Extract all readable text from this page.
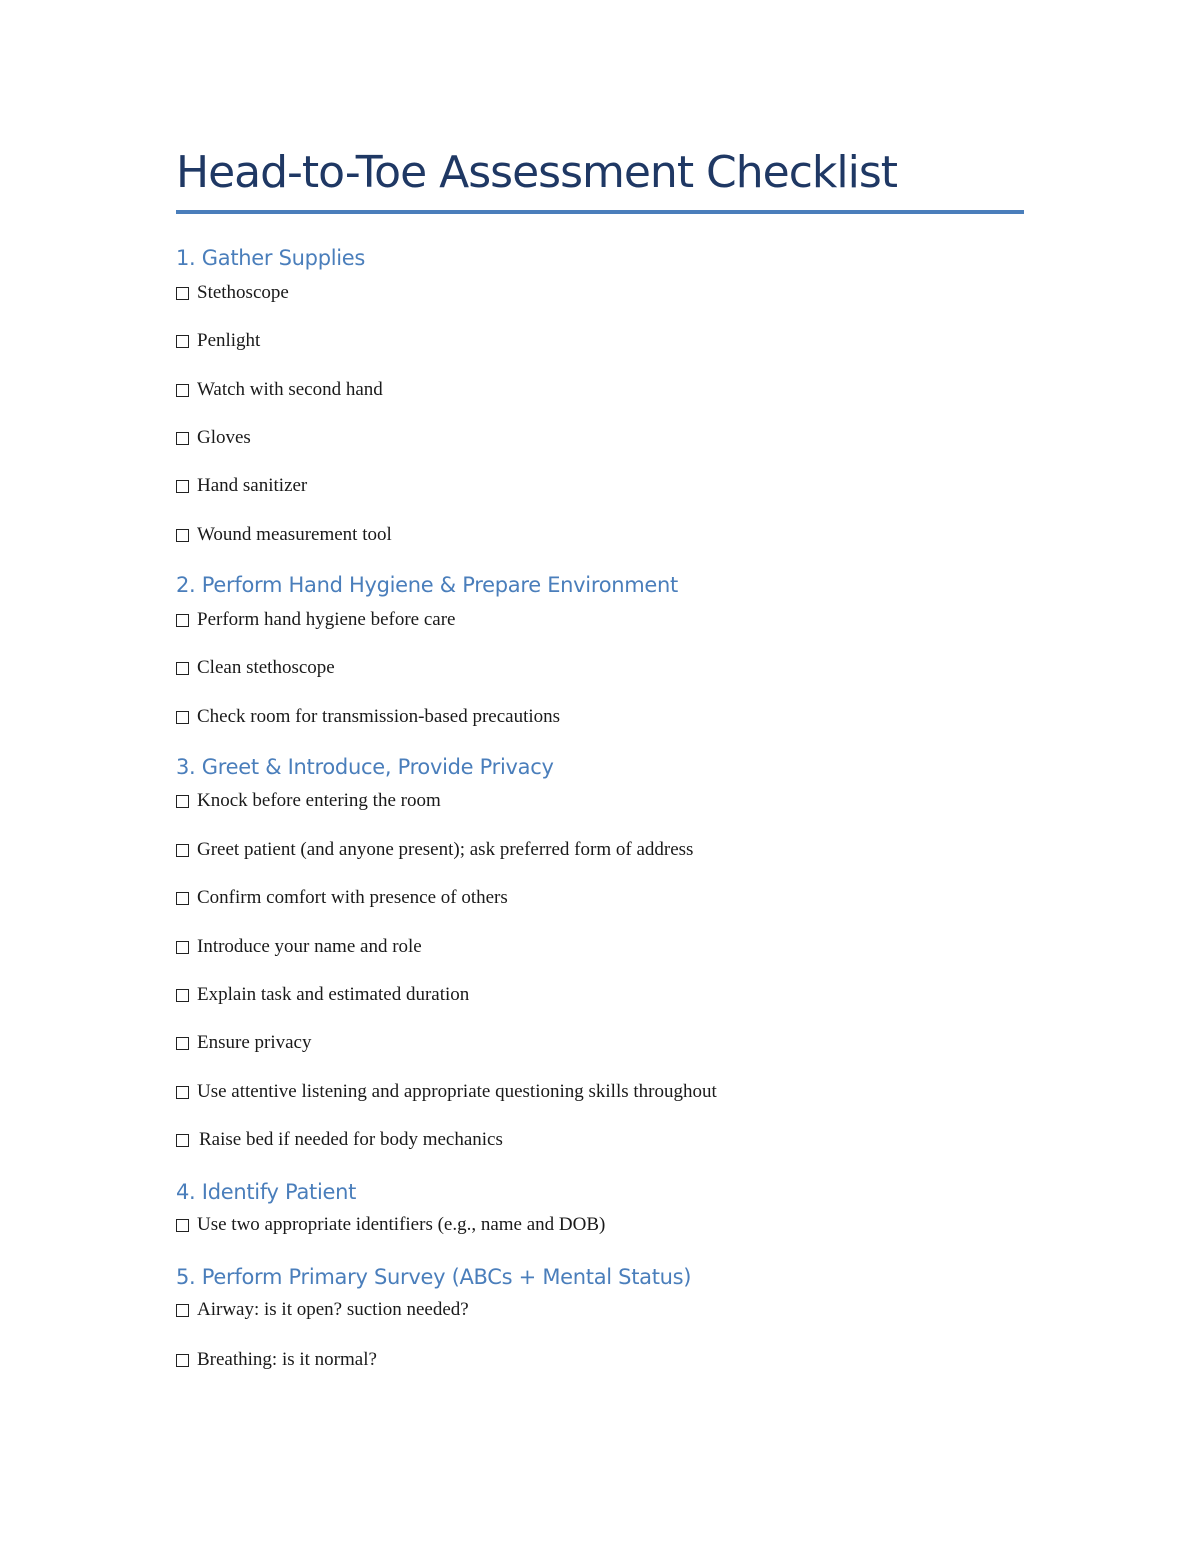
Head-to-Toe Assessment Checklist
1. Gather Supplies
Stethoscope
Penlight
Watch with second hand
Gloves
Hand sanitizer
Wound measurement tool
2. Perform Hand Hygiene & Prepare Environment
Perform hand hygiene before care
Clean stethoscope
Check room for transmission-based precautions
3. Greet & Introduce, Provide Privacy
Knock before entering the room
Greet patient (and anyone present); ask preferred form of address
Confirm comfort with presence of others
Introduce your name and role
Explain task and estimated duration
Ensure privacy
Use attentive listening and appropriate questioning skills throughout
Raise bed if needed for body mechanics
4. Identify Patient
Use two appropriate identifiers (e.g., name and DOB)
5. Perform Primary Survey (ABCs + Mental Status)
Airway: is it open? suction needed?
Breathing: is it normal?
